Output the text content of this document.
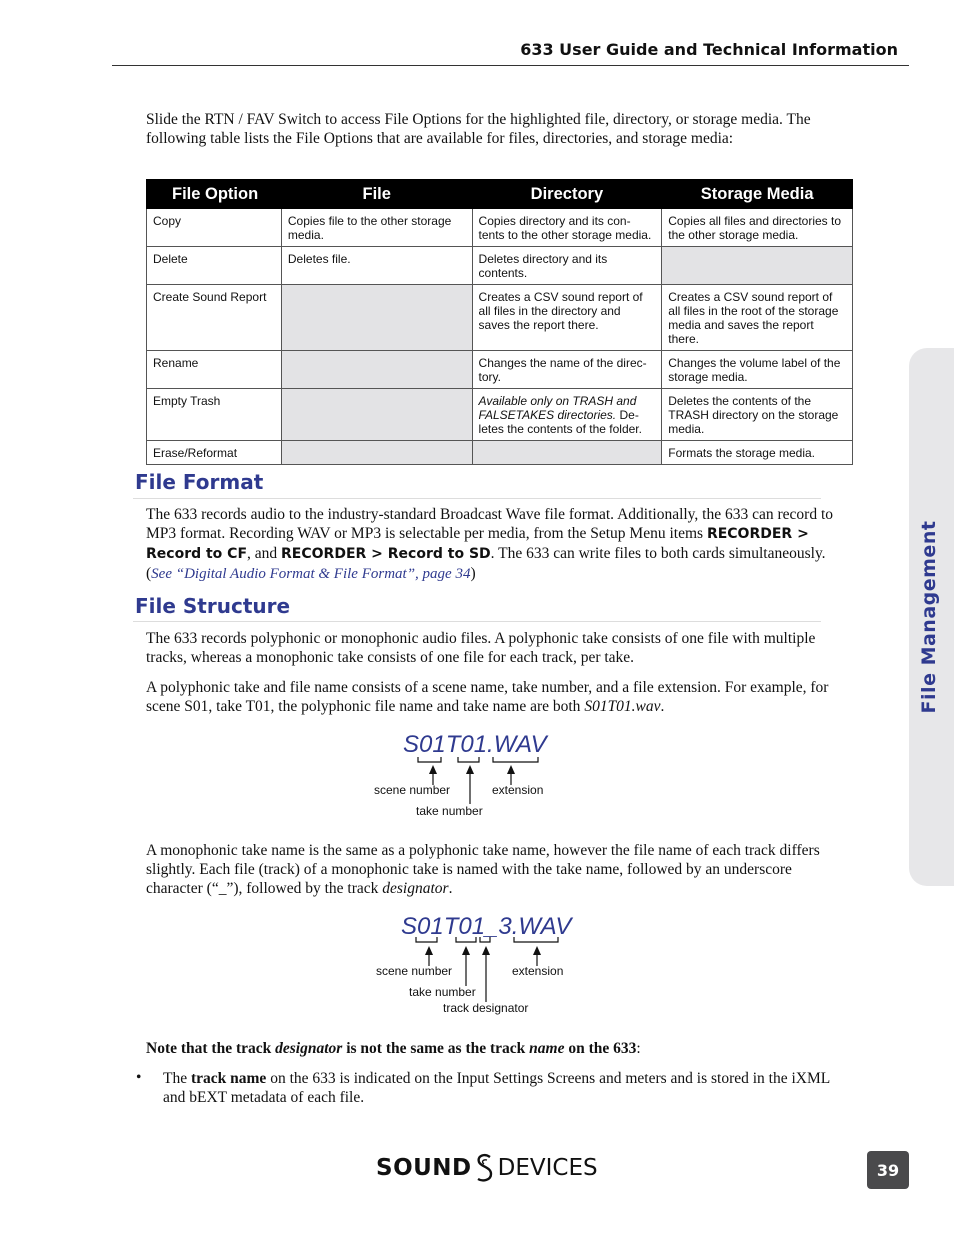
633 User Guide and Technical Information
File Management

Slide the RTN / FAV Switch to access File Options for the highlighted file, directory, or storage media. The following table lists the File Options that are available for files, directories, and storage media:

File Option	File	Directory	Storage Media
Copy	Copies file to the other storage media.	Copies directory and its con-tents to the other storage media.	Copies all files and directories to the other storage media.
Delete	Deletes file.	Deletes directory and its contents.	
Create Sound Report		Creates a CSV sound report of all files in the directory and saves the report there.	Creates a CSV sound report of all files in the root of the storage media and saves the report there.
Rename		Changes the name of the direc-tory.	Changes the volume label of the storage media.
Empty Trash		Available only on TRASH and FALSETAKES directories. De-letes the contents of the folder.	Deletes the contents of the TRASH directory on the storage media.
Erase/Reformat			Formats the storage media.
File Format

The 633 records audio to the industry-standard Broadcast Wave file format. Additionally, the 633 can record to MP3 format. Recording WAV or MP3 is selectable per media, from the Setup Menu items RECORDER > Record to CF, and RECORDER > Record to SD. The 633 can write files to both cards simultaneously. (See “Digital Audio Format & File Format”, page 34)

File Structure

The 633 records polyphonic or monophonic audio files. A polyphonic take consists of one file with multiple tracks, whereas a monophonic take consists of one file for each track, per take.

A polyphonic take and file name consists of a scene name, take number, and a file extension. For example, for scene S01, take T01, the polyphonic file name and take name are both S01T01.wav.

S01T01.WAV
scene number	extension
take number

A monophonic take name is the same as a polyphonic take name, however the file name of each track differs slightly. Each file (track) of a monophonic take is named with the take name, followed by an underscore character (“_”), followed by the track designator.

S01T01_3.WAV
scene number	extension
take number
track designator

Note that the track designator is not the same as the track name on the 633:

• The track name on the 633 is indicated on the Input Settings Screens and meters and is stored in the iXML and bEXT metadata of each file.

SOUND DEVICES	39
